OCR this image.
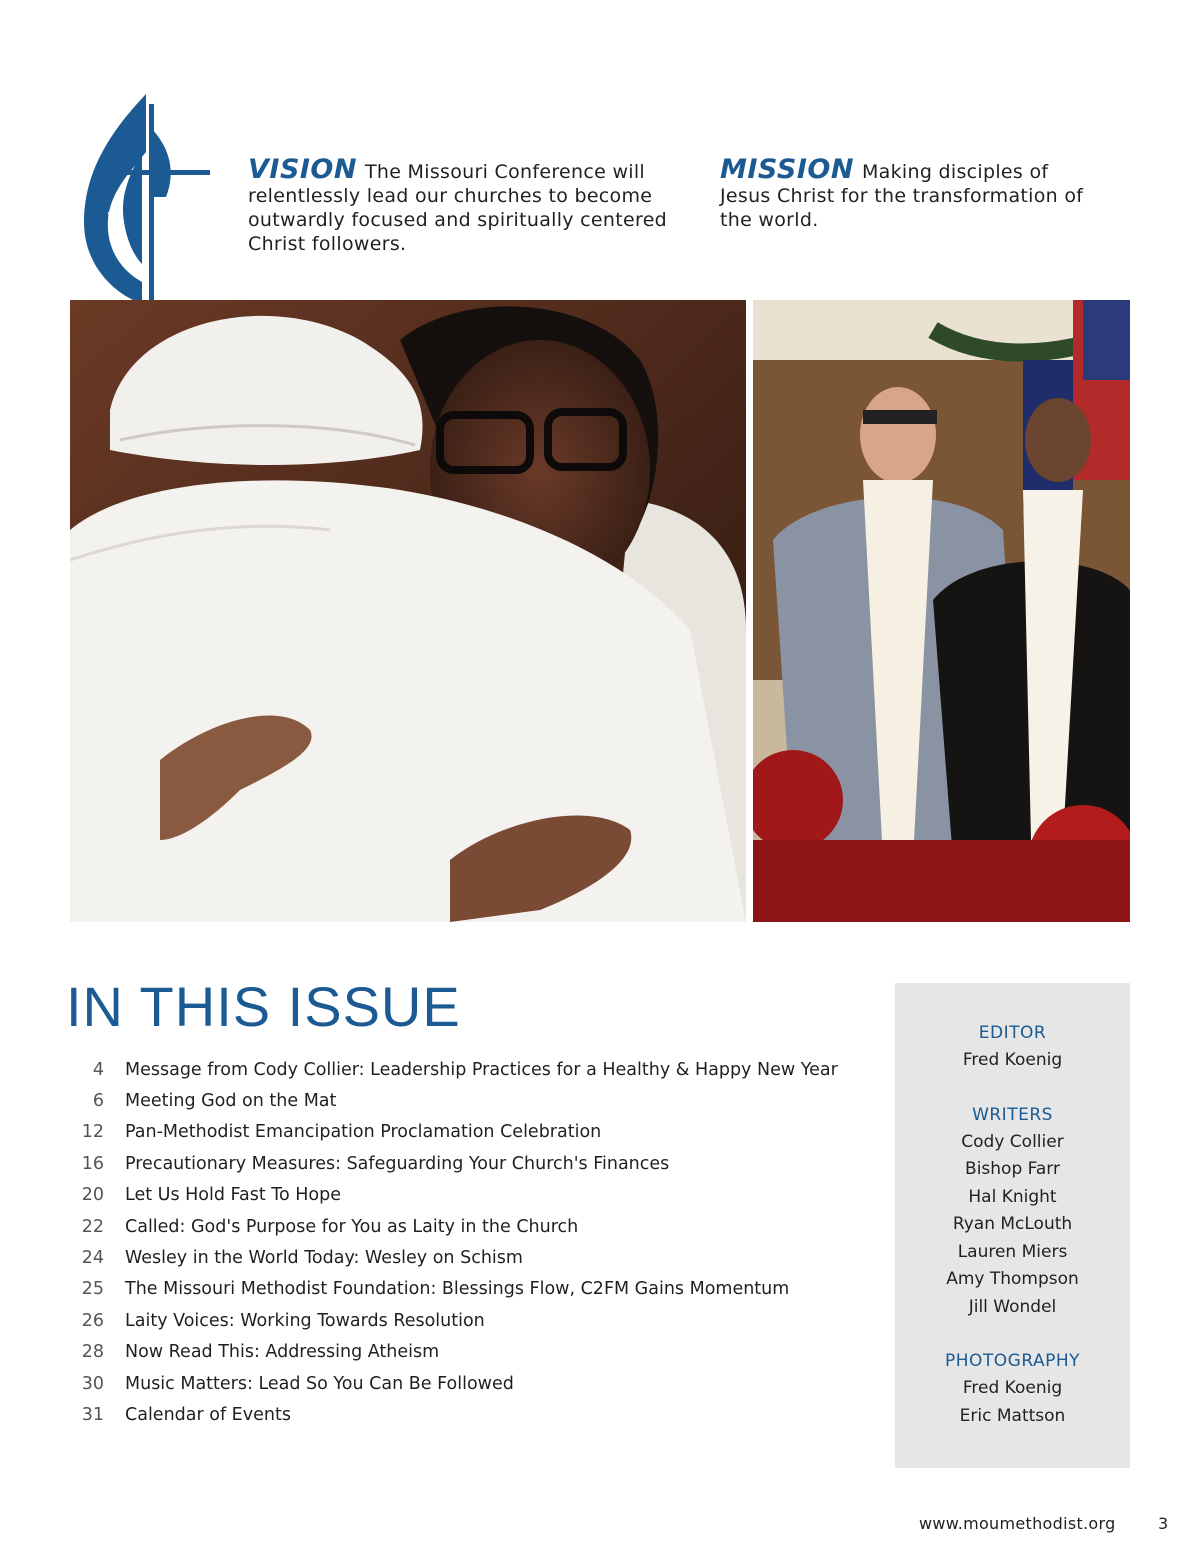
VISION The Missouri Conference will relentlessly lead our churches to become outwardly focused and spiritually centered Christ followers.
MISSION Making disciples of Jesus Christ for the transformation of the world.
IN THIS ISSUE
4 Message from Cody Collier: Leadership Practices for a Healthy & Happy New Year
6 Meeting God on the Mat
12 Pan-Methodist Emancipation Proclamation Celebration
16 Precautionary Measures: Safeguarding Your Church's Finances
20 Let Us Hold Fast To Hope
22 Called: God's Purpose for You as Laity in the Church
24 Wesley in the World Today: Wesley on Schism
25 The Missouri Methodist Foundation: Blessings Flow, C2FM Gains Momentum
26 Laity Voices: Working Towards Resolution
28 Now Read This: Addressing Atheism
30 Music Matters: Lead So You Can Be Followed
31 Calendar of Events
EDITOR
Fred Koenig
WRITERS
Cody Collier
Bishop Farr
Hal Knight
Ryan McLouth
Lauren Miers
Amy Thompson
Jill Wondel
PHOTOGRAPHY
Fred Koenig
Eric Mattson
www.moumethodist.org	3
